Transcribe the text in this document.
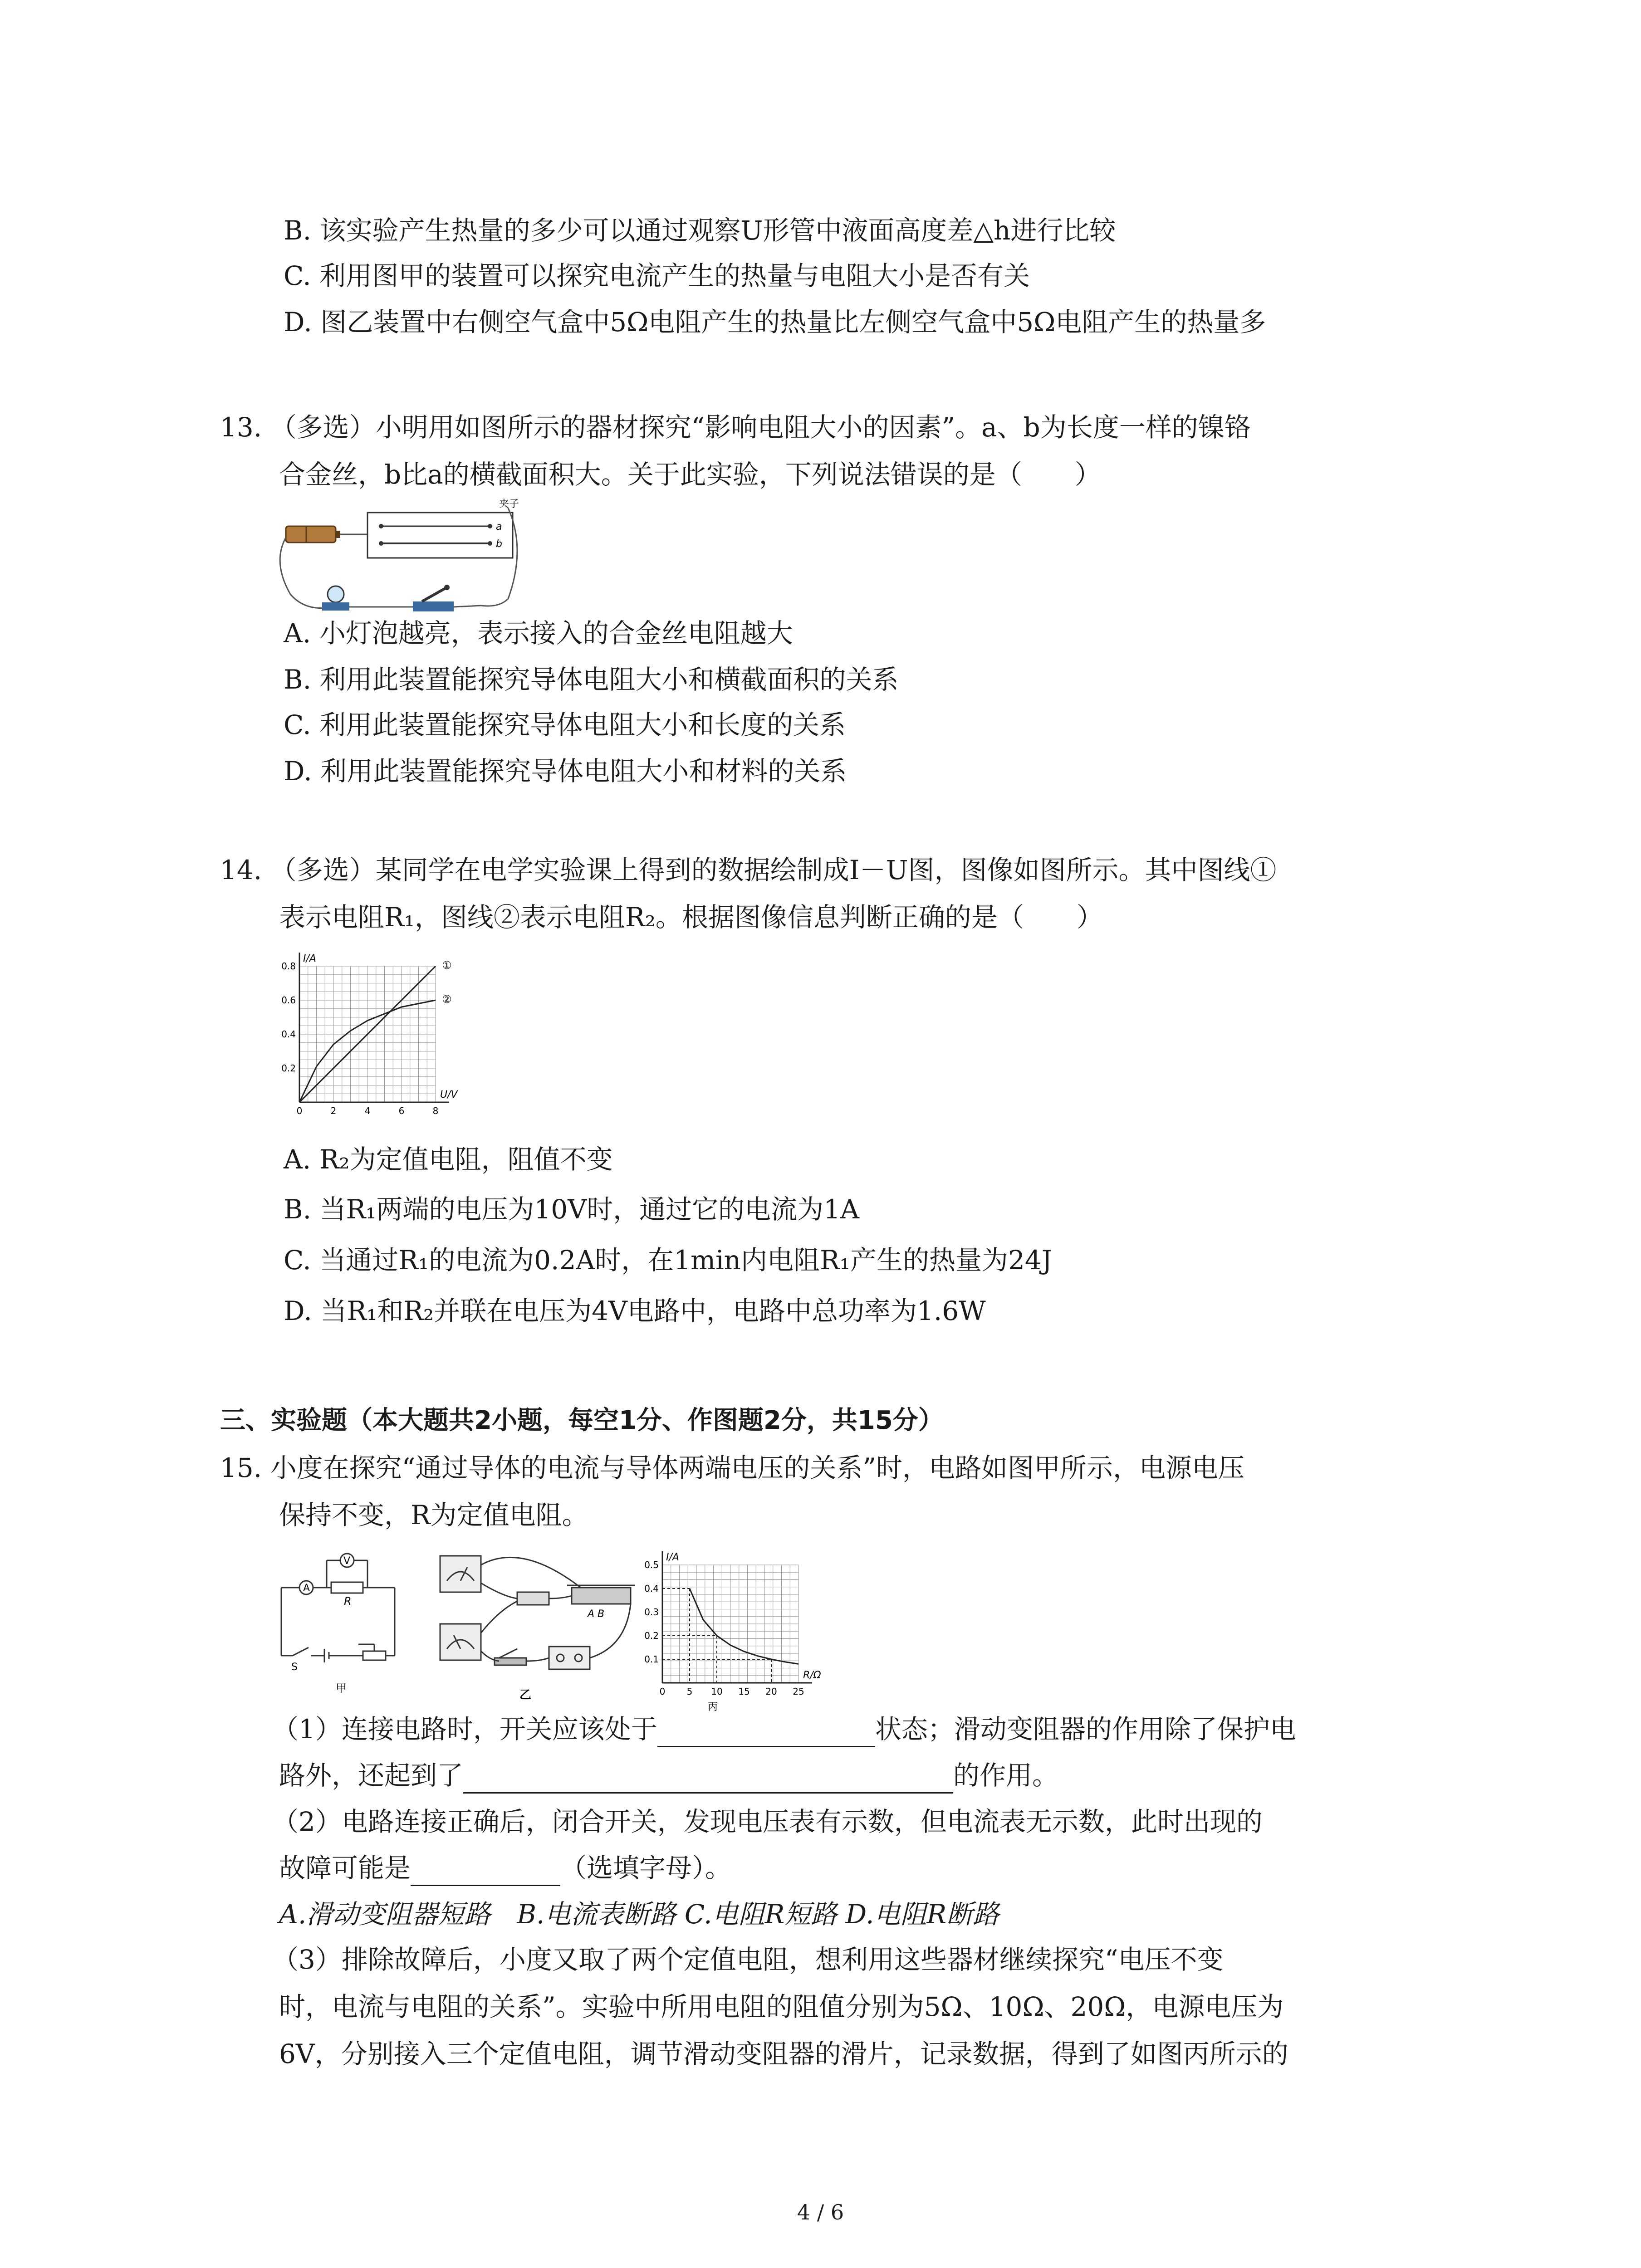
B. 该实验产生热量的多少可以通过观察U形管中液面高度差△h进行比较
C. 利用图甲的装置可以探究电流产生的热量与电阻大小是否有关
D. 图乙装置中右侧空气盒中5Ω电阻产生的热量比左侧空气盒中5Ω电阻产生的热量多
13. （多选）小明用如图所示的器材探究“影响电阻大小的因素”。a、b为长度一样的镍铬
合金丝，b比a的横截面积大。关于此实验，下列说法错误的是（　　）
a
b
夹子
A. 小灯泡越亮，表示接入的合金丝电阻越大
B. 利用此装置能探究导体电阻大小和横截面积的关系
C. 利用此装置能探究导体电阻大小和长度的关系
D. 利用此装置能探究导体电阻大小和材料的关系
14. （多选）某同学在电学实验课上得到的数据绘制成I－U图，图像如图所示。其中图线①
表示电阻R₁，图线②表示电阻R₂。根据图像信息判断正确的是（　　）
0	2	4	6	8
0.2
0.4
0.6
0.8
U/V
I/A
①
②
A. R₂为定值电阻，阻值不变
B. 当R₁两端的电压为10V时，通过它的电流为1A
C. 当通过R₁的电流为0.2A时，在1min内电阻R₁产生的热量为24J
D. 当R₁和R₂并联在电压为4V电路中，电路中总功率为1.6W
三、实验题（本大题共2小题，每空1分、作图题2分，共15分）
15. 小度在探究“通过导体的电流与导体两端电压的关系”时，电路如图甲所示，电源电压
保持不变，R为定值电阻。
A
V
R
S
甲
A B
乙	0 5 10 15 20 25
0.1
0.2
0.3
0.4
0.5
R/Ω
I/A
丙
（1）连接电路时，开关应该处于	状态；滑动变阻器的作用除了保护电
路外，还起到了	的作用。
（2）电路连接正确后，闭合开关，发现电压表有示数，但电流表无示数，此时出现的
故障可能是	（选填字母）。
A.滑动变阻器短路　B.电流表断路 C.电阻R短路 D.电阻R断路
（3）排除故障后，小度又取了两个定值电阻，想利用这些器材继续探究“电压不变
时，电流与电阻的关系”。实验中所用电阻的阻值分别为5Ω、10Ω、20Ω，电源电压为
6V，分别接入三个定值电阻，调节滑动变阻器的滑片，记录数据，得到了如图丙所示的
4 / 6
